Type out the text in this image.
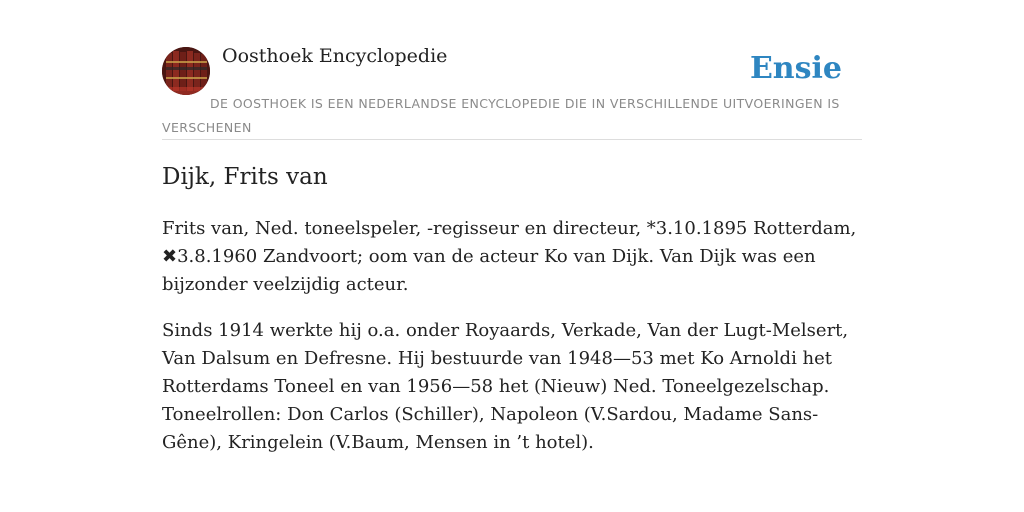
Oosthoek Encyclopedie	Ensie
DE OOSTHOEK IS EEN NEDERLANDSE ENCYCLOPEDIE DIE IN VERSCHILLENDE UITVOERINGEN IS VERSCHENEN
Dijk, Frits van

Frits van, Ned. toneelspeler, -regisseur en directeur, *3.10.1895 Rotterdam, ✖3.8.1960 Zandvoort; oom van de acteur Ko van Dijk. Van Dijk was een bijzonder veelzijdig acteur.

Sinds 1914 werkte hij o.a. onder Royaards, Verkade, Van der Lugt-Melsert, Van Dalsum en Defresne. Hij bestuurde van 1948—53 met Ko Arnoldi het Rotterdams Toneel en van 1956—58 het (Nieuw) Ned. Toneelgezelschap. Toneelrollen: Don Carlos (Schiller), Napoleon (V.Sardou, Madame Sans-Gêne), Kringelein (V.Baum, Mensen in ’t hotel).
